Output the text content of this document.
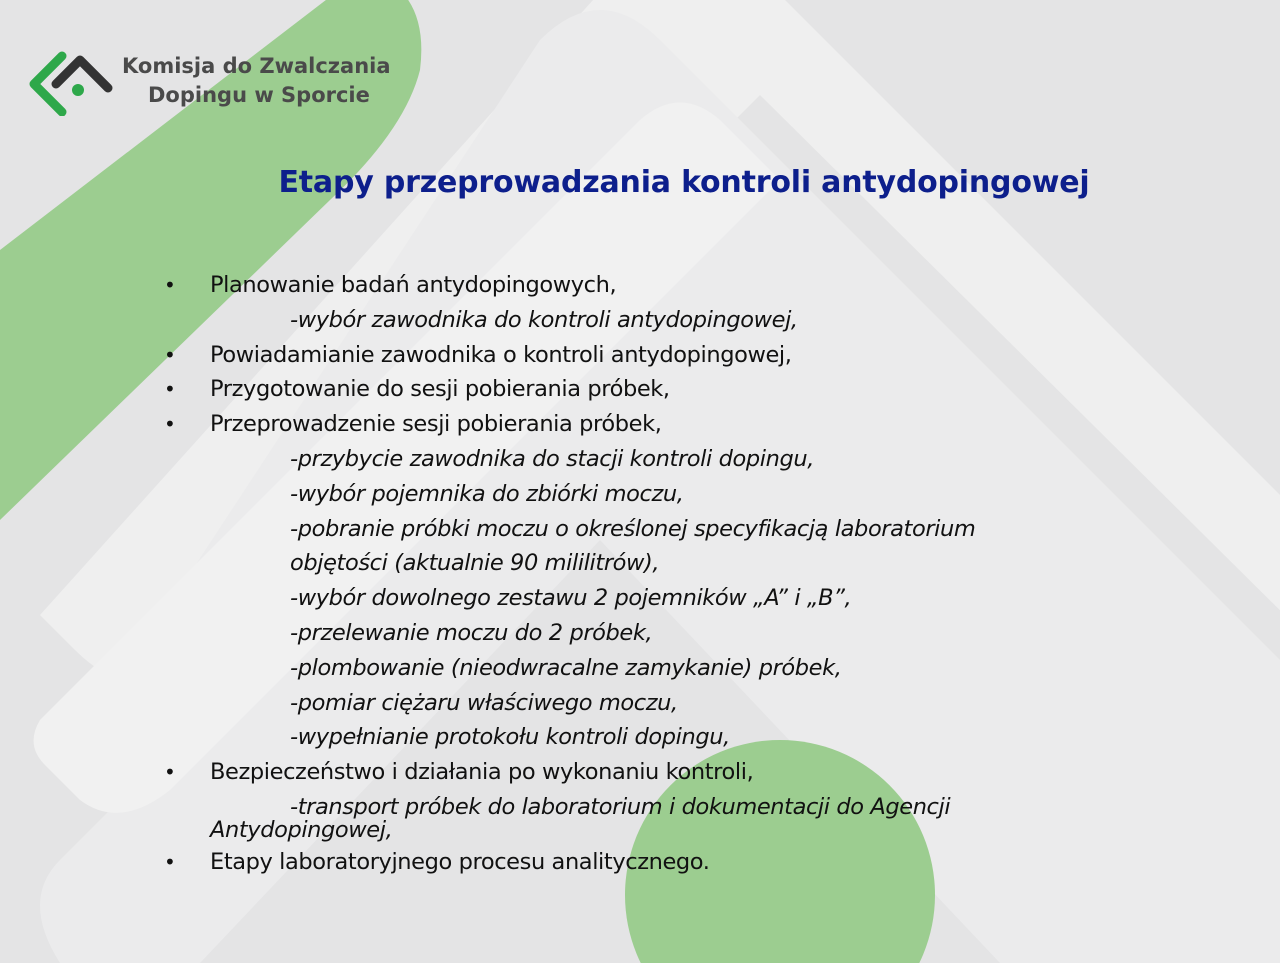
Komisja do Zwalczania
Dopingu w Sporcie
Etapy przeprowadzania kontroli antydopingowej
• Planowanie badań antydopingowych,
-wybór zawodnika do kontroli antydopingowej,
• Powiadamianie zawodnika o kontroli antydopingowej,
• Przygotowanie do sesji pobierania próbek,
• Przeprowadzenie sesji pobierania próbek,
-przybycie zawodnika do stacji kontroli dopingu,
-wybór pojemnika do zbiórki moczu,
-pobranie próbki moczu o określonej specyfikacją laboratorium
objętości (aktualnie 90 mililitrów),
-wybór dowolnego zestawu 2 pojemników „A” i „B”,
-przelewanie moczu do 2 próbek,
-plombowanie (nieodwracalne zamykanie) próbek,
-pomiar ciężaru właściwego moczu,
-wypełnianie protokołu kontroli dopingu,
• Bezpieczeństwo i działania po wykonaniu kontroli,
-transport próbek do laboratorium i dokumentacji do Agencji
Antydopingowej,
• Etapy laboratoryjnego procesu analitycznego.
